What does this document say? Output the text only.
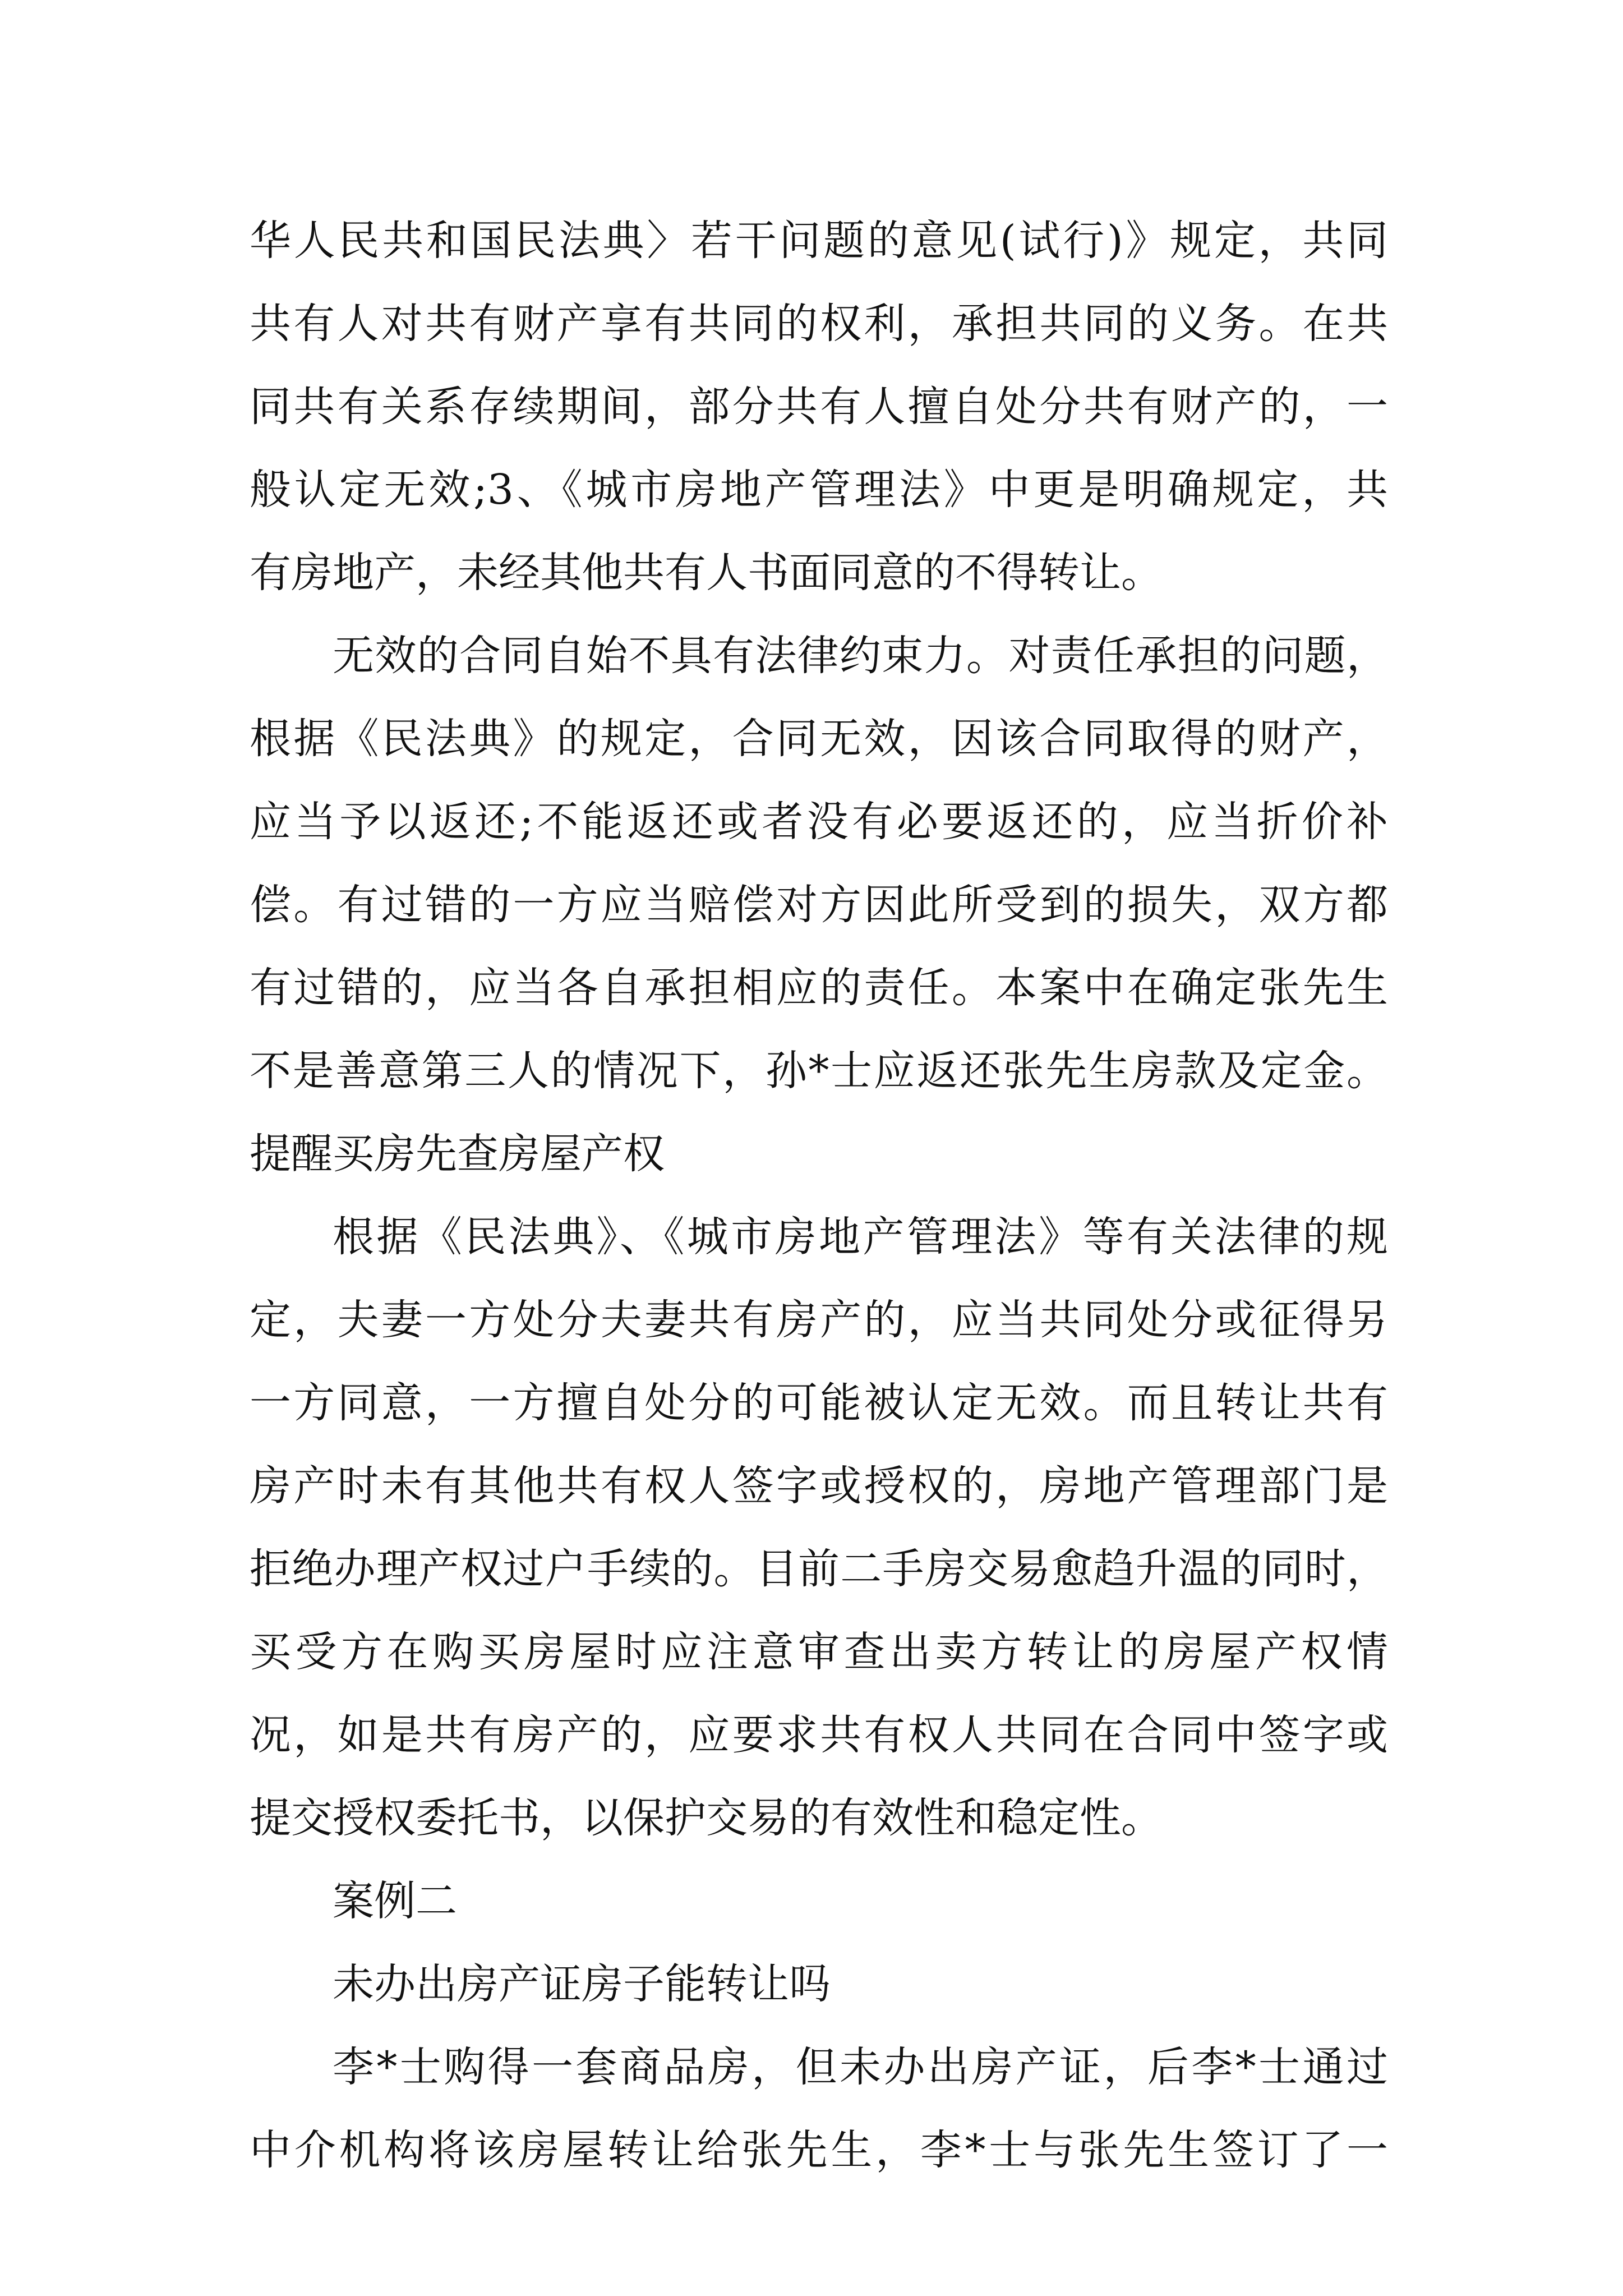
华人民共和国民法典〉若干问题的意见(试行)》规定，共同
共有人对共有财产享有共同的权利，承担共同的义务。在共
同共有关系存续期间，部分共有人擅自处分共有财产的，一
般认定无效;3、《城市房地产管理法》中更是明确规定，共
有房地产，未经其他共有人书面同意的不得转让。
无效的合同自始不具有法律约束力。对责任承担的问题，
根据《民法典》的规定，合同无效，因该合同取得的财产，
应当予以返还;不能返还或者没有必要返还的，应当折价补
偿。有过错的一方应当赔偿对方因此所受到的损失，双方都
有过错的，应当各自承担相应的责任。本案中在确定张先生
不是善意第三人的情况下，孙*士应返还张先生房款及定金。
提醒买房先查房屋产权
根据《民法典》、《城市房地产管理法》等有关法律的规
定，夫妻一方处分夫妻共有房产的，应当共同处分或征得另
一方同意，一方擅自处分的可能被认定无效。而且转让共有
房产时未有其他共有权人签字或授权的，房地产管理部门是
拒绝办理产权过户手续的。目前二手房交易愈趋升温的同时，
买受方在购买房屋时应注意审查出卖方转让的房屋产权情
况，如是共有房产的，应要求共有权人共同在合同中签字或
提交授权委托书，以保护交易的有效性和稳定性。
案例二
未办出房产证房子能转让吗
李*士购得一套商品房，但未办出房产证，后李*士通过
中介机构将该房屋转让给张先生，李*士与张先生签订了一
